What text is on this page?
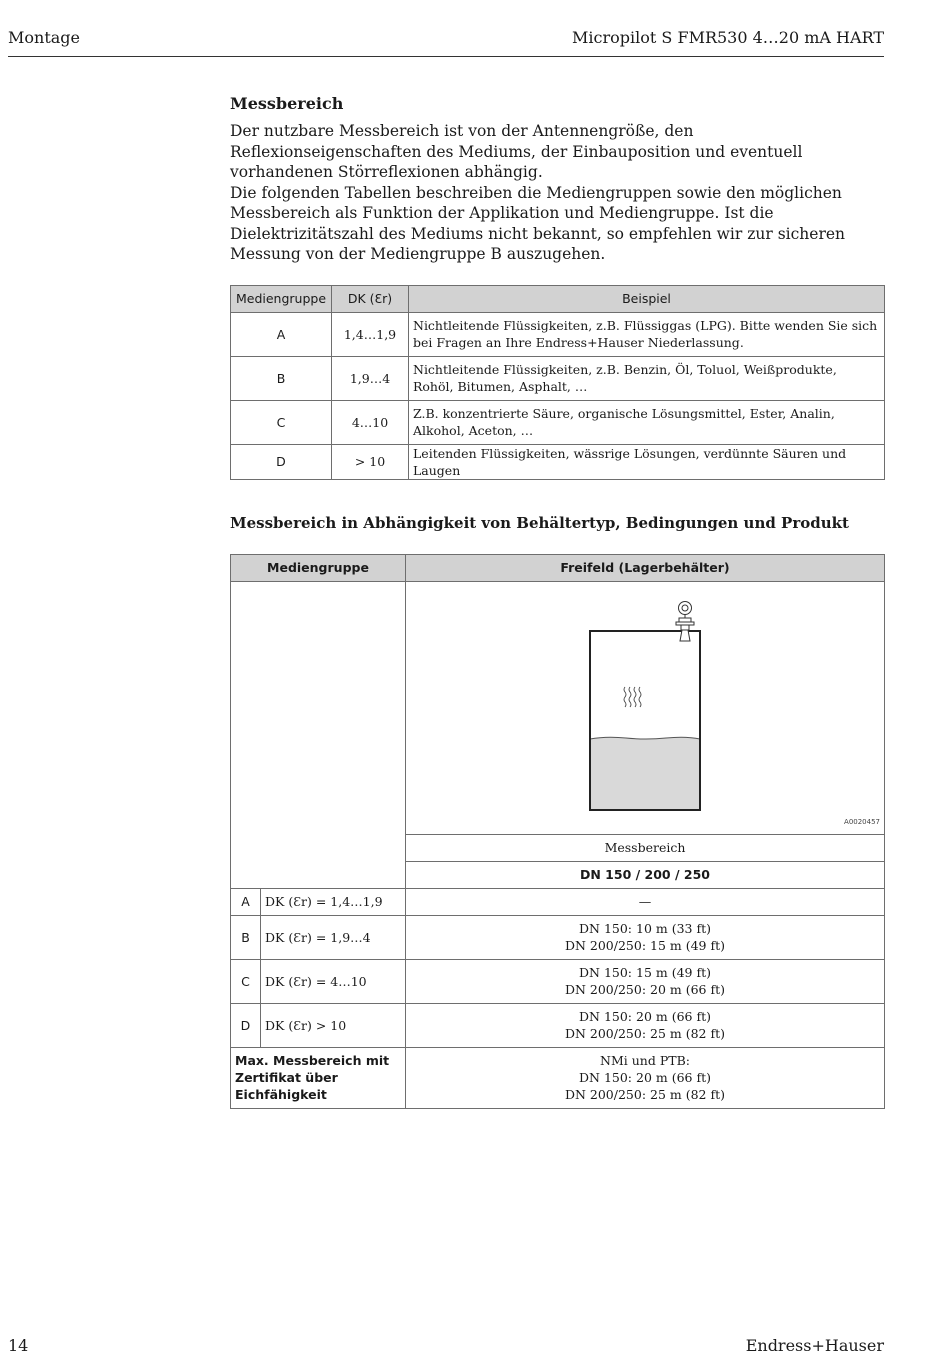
Montage	Micropilot S FMR530 4…20 mA HART
Messbereich

Der nutzbare Messbereich ist von der Antennengröße, den Reflexionseigenschaften des Mediums, der Einbauposition und eventuell vorhandenen Störreflexionen abhängig.
Die folgenden Tabellen beschreiben die Mediengruppen sowie den möglichen Messbereich als Funktion der Applikation und Mediengruppe. Ist die Dielektrizitätszahl des Mediums nicht bekannt, so empfehlen wir zur sicheren Messung von der Mediengruppe B auszugehen.

Mediengruppe	DK (Ɛr)	Beispiel
A	1,4…1,9	Nichtleitende Flüssigkeiten, z.B. Flüssiggas (LPG). Bitte wenden Sie sich bei Fragen an Ihre Endress+Hauser Niederlassung.
B	1,9…4	Nichtleitende Flüssigkeiten, z.B. Benzin, Öl, Toluol, Weißprodukte, Rohöl, Bitumen, Asphalt, …
C	4…10	Z.B. konzentrierte Säure, organische Lösungsmittel, Ester, Analin, Alkohol, Aceton, …
D	> 10	Leitenden Flüssigkeiten, wässrige Lösungen, verdünnte Säuren und Laugen
Messbereich in Abhängigkeit von Behältertyp, Bedingungen und Produkt
Mediengruppe		Freifeld (Lagerbehälter)

		A0020457

		Messbereich
		DN 150 / 200 / 250
A	DK (Ɛr) = 1,4…1,9	—
B	DK (Ɛr) = 1,9…4	DN 150: 10 m (33 ft)
DN 200/250: 15 m (49 ft)
C	DK (Ɛr) = 4…10	DN 150: 15 m (49 ft)
DN 200/250: 20 m (66 ft)
D	DK (Ɛr) > 10	DN 150: 20 m (66 ft)
DN 200/250: 25 m (82 ft)
Max. Messbereich mit
Zertifikat über
Eichfähigkeit		NMi und PTB:
DN 150: 20 m (66 ft)
DN 200/250: 25 m (82 ft)
14	Endress+Hauser
